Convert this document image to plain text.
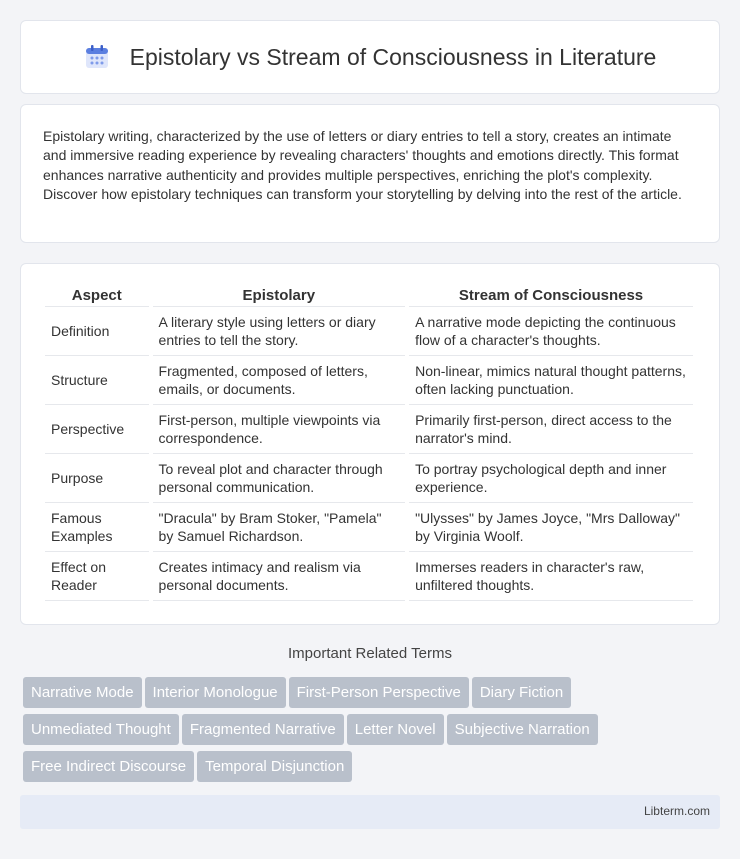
Epistolary vs Stream of Consciousness in Literature

Epistolary writing, characterized by the use of letters or diary entries to tell a story, creates an intimate and immersive reading experience by revealing characters' thoughts and emotions directly. This format enhances narrative authenticity and provides multiple perspectives, enriching the plot's complexity. Discover how epistolary techniques can transform your storytelling by delving into the rest of the article.

Aspect	Epistolary	Stream of Consciousness
Definition	A literary style using letters or diary entries to tell the story.	A narrative mode depicting the continuous flow of a character's thoughts.
Structure	Fragmented, composed of letters, emails, or documents.	Non-linear, mimics natural thought patterns, often lacking punctuation.
Perspective	First-person, multiple viewpoints via correspondence.	Primarily first-person, direct access to the narrator's mind.
Purpose	To reveal plot and character through personal communication.	To portray psychological depth and inner experience.
Famous Examples	"Dracula" by Bram Stoker, "Pamela" by Samuel Richardson.	"Ulysses" by James Joyce, "Mrs Dalloway" by Virginia Woolf.
Effect on Reader	Creates intimacy and realism via personal documents.	Immerses readers in character's raw, unfiltered thoughts.
Important Related Terms
Narrative Mode Interior Monologue First-Person Perspective Diary Fiction
Unmediated Thought Fragmented Narrative Letter Novel Subjective Narration
Free Indirect Discourse Temporal Disjunction
Libterm.com
